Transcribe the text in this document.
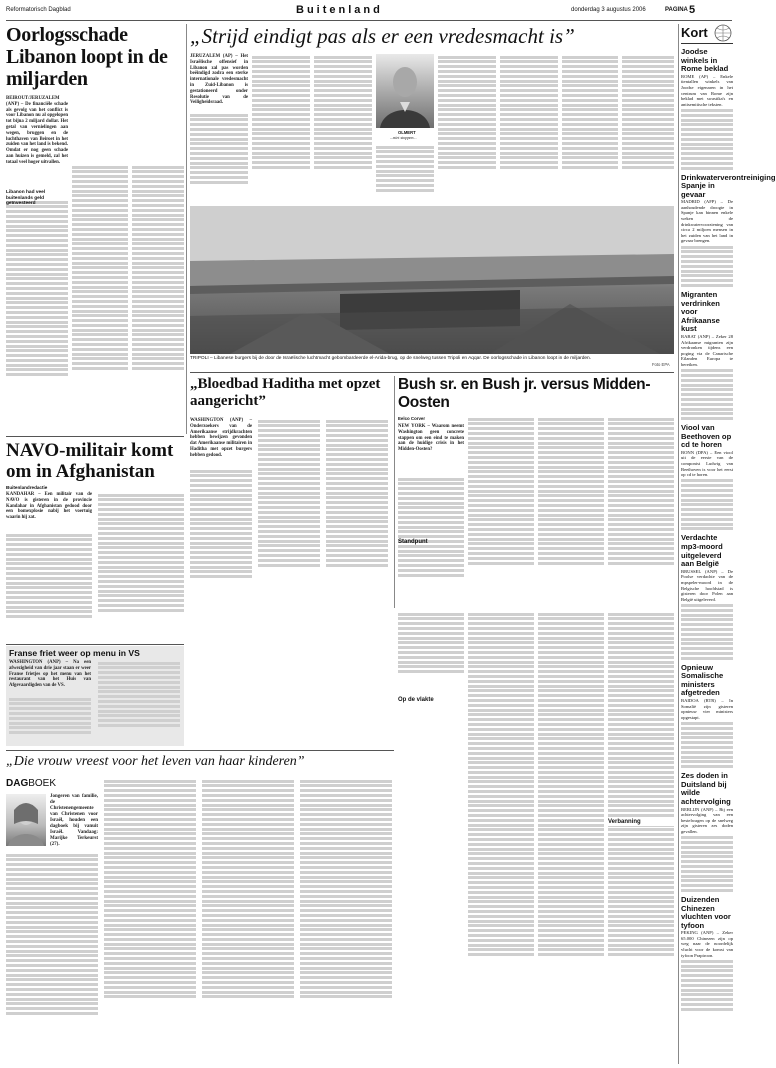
Reformatorisch Dagblad	Buitenland	donderdag 3 augustus 2006	PAGINA 5
Oorlogsschade Libanon loopt in de miljarden

BEIROUT/JERUZALEM (ANP) – De financiële schade als gevolg van het conflict is voor Libanon nu al opgelopen tot bijna 2 miljard dollar. Het getal van vernielingen aan wegen, bruggen en de luchthaven van Beiroet in het zuiden van het land is bekend. Omdat er nog geen schade aan huizen is gemeld, zal het totaal veel hoger uitvallen.

Libanon had veel buitenlands geld geïnvesteerd

„Strijd eindigt pas als er een vredesmacht is”

JERUZALEM (AP) – Het Israëlische offensief in Libanon zal pas worden beëindigd zodra een sterke internationale vredesmacht in Zuid-Libanon is gestationeerd onder Resolutie van de Veiligheidsraad.

OLMERT
...niet stoppen...

TRIPOLI – Libanese burgers bij de door de Israëlische luchtmacht gebombardeerde el-Arida-brug, op de snelweg tussen Tripoli en Aqqar. De oorlogsschade in Libanon loopt in de miljarden.

Foto EPA
Kort

Joodse winkels in Rome beklad

ROME (AP) – Enkele tientallen winkels van Joodse eigenaren in het centrum van Rome zijn beklad met swastika's en antisemitische teksten.

Drinkwaterverontreiniging Spanje in gevaar

MADRID (AFP) – De aanhoudende droogte in Spanje kan binnen enkele weken de drinkwatervoorziening van circa 2 miljoen mensen in het zuiden van het land in gevaar brengen.

Migranten verdrinken voor Afrikaanse kust

RABAT (ANP) – Zeker 28 Afrikaanse migranten zijn verdronken tijdens een poging via de Canarische Eilanden Europa te bereiken.

Viool van Beethoven op cd te horen

BONN (DPA) – Een viool uit de eerste van de componist Ludwig van Beethoven is voor het eerst op cd te horen.

Verdachte mp3-moord uitgeleverd aan België

BRUSSEL (ANP) – De Poolse verdachte van de mpspeler-moord in de Belgische hoofdstad is gisteren door Polen aan België uitgeleverd.

Opnieuw Somalische ministers afgetreden

BAIDOA (RTR) – In Somalië zijn gisteren opnieuw vier ministers opgestapt.

Zes doden in Duitsland bij wilde achtervolging

BERLIJN (ANP) – Bij een achtervolging van een bestelwagen op de snelweg zijn gisteren zes doden gevallen.

Duizenden Chinezen vluchten voor tyfoon

PEKING (ANP) – Zeker 65.000 Chinezen zijn op weg naar de noordelijk vlucht voor de komst van tyfoon Prapiroon.

NAVO-militair komt om in Afghanistan

Buitenlandredactie

KANDAHAR – Een militair van de NAVO is gisteren in de provincie Kandahar in Afghanistan gedood door een bomexplosie nabij het voertuig waarin hij zat.

Franse friet weer op menu in VS

WASHINGTON (ANP) – Na een afwezigheid van drie jaar staan er weer Franse frietjes op het menu van het restaurant van het Huis van Afgevaardigden van de VS.

„Bloedbad Haditha met opzet aangericht”

WASHINGTON (ANP) – Onderzoekers van de Amerikaanse strijdkrachten hebben bewijzen gevonden dat Amerikaanse militairen in Haditha met opzet burgers hebben gedood.

Bush sr. en Bush jr. versus Midden-Oosten

Eelco Corver

NEW YORK – Waarom neemt Washington geen concrete stappen om een eind te maken aan de huidige crisis in het Midden-Oosten?

Standpunt

Op de vlakte

Verbanning

„Die vrouw vreest voor het leven van haar kinderen”
DAGBOEK

Jongeren van familie, de Christenengemeente van Christenen voor Israël, houden een dagboek bij vanuit Israël. Vandaag: Marijke Terkeurst (27).
